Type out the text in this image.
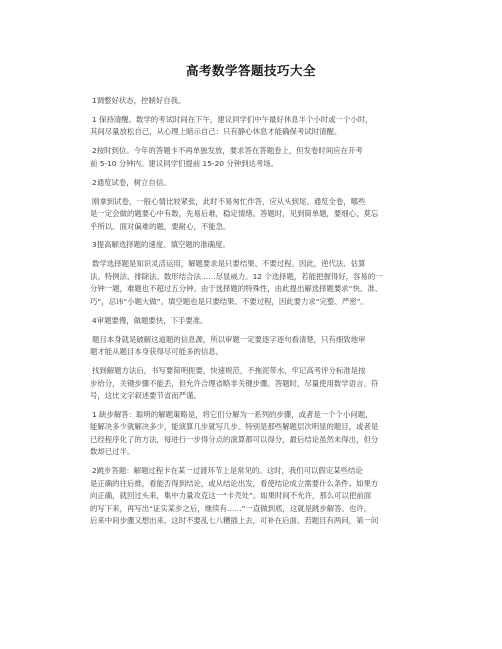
高考数学答题技巧大全

1调整好状态，控制好自我。

1 保持清醒。数学的考试时间在下午，建议同学们中午最好休息半个小时或一个小时，
其间尽量放松自己，从心理上暗示自己：只有静心休息才能确保考试时清醒。

2按时到位。今年的答题卡不再单独发放，要求答在答题卷上，但发卷时间应在开考
前 5-10 分钟内。建议同学们提前 15-20 分钟到达考场。

2通览试卷，树立自信。

刚拿到试卷，一般心情比较紧张，此时不易匆忙作答，应从头到尾、通览全卷，哪些
是一定会做的题要心中有数，先易后难，稳定情绪。答题时，见到简单题，要细心，莫忘
乎所以。面对偏难的题，要耐心，不能急。

3提高解选择题的速度、填空题的准确度。

数学选择题是知识灵活运用，解题要求是只要结果、不要过程。因此，逆代法、估算
法、特例法、排除法、数形结合法……尽显威力。12 个选择题，若能把握得好，容易的一
分钟一题，难题也不超过五分钟。由于选择题的特殊性，由此提出解选择题要求“快、准、
巧”，忌讳“小题大做”。填空题也是只要结果、不要过程，因此要力求“完整、严密”。

4审题要慢，做题要快，下手要准。

题目本身就是破解这道题的信息源，所以审题一定要逐字逐句看清楚，只有细致地审
题才能从题目本身获得尽可能多的信息。

找到解题方法后，书写要简明扼要，快速规范，不拖泥带水，牢记高考评分标准是按
步给分，关键步骤不能丢，但允许合理省略非关键步骤。答题时，尽量使用数学语言、符
号，这比文字叙述要节省而严谨。

1 缺步解答：聪明的解题策略是，将它们分解为一系列的步骤，或者是一个个小问题，
能解决多少就解决多少，能演算几步就写几步。特别是那些解题层次明显的题目，或者是
已经程序化了的方法，每进行一步得分点的演算都可以得分，最后结论虽然未得出，但分
数却已过半。

2跳步答题：解题过程卡在某一过渡环节上是常见的。这时，我们可以假定某些结论
是正确的往后推，看能否得到结论，或从结论出发，看使结论成立需要什么条件。如果方
向正确，就回过头来，集中力量攻克这一“卡壳处”。如果时间不允许，那么可以把前面
的写下来，再写出“证实某步之后，继续有……”一直做到底，这就是跳步解答。也许，
后来中间步骤又想出来，这时不要乱七八糟插上去，可补在后面。若题目有两问，第一问
